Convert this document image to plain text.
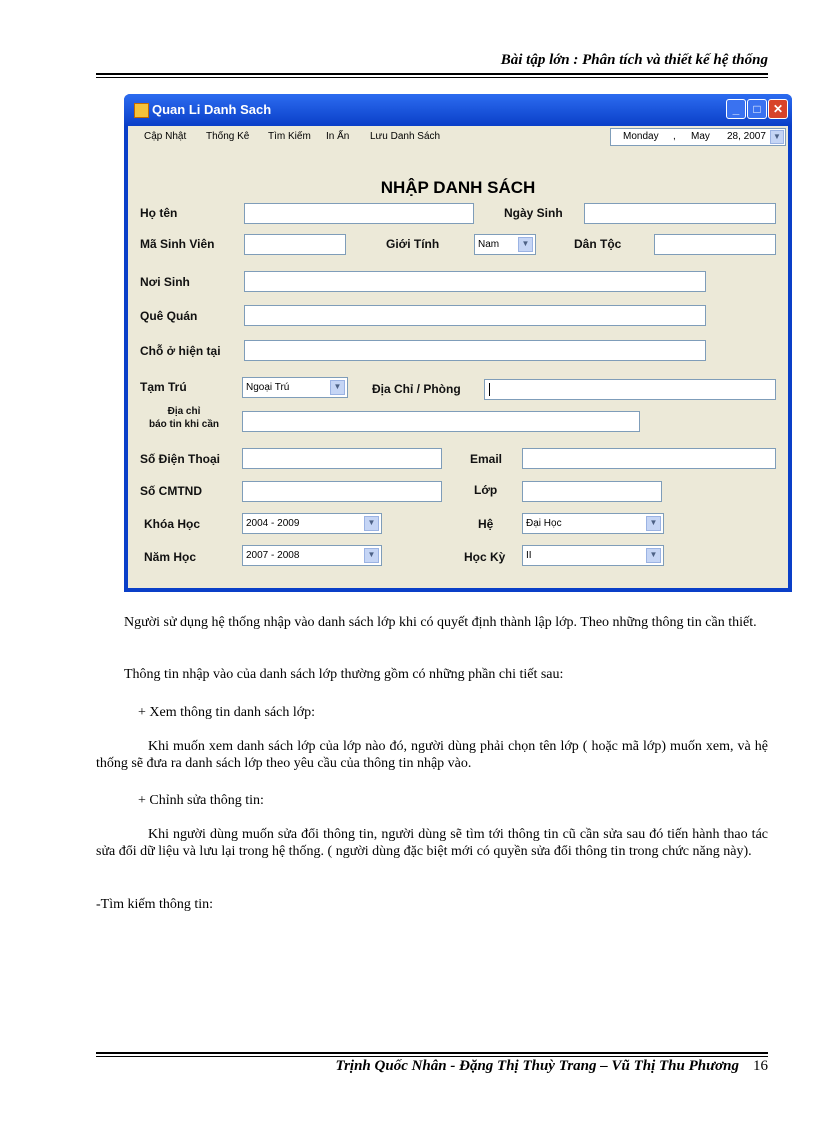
Bài tập lớn : Phân tích và thiết kế hệ thống
Quan Li Danh Sach	_	□	✕
Cập Nhật Thống Kê Tìm Kiếm In Ấn Lưu Danh Sách	Monday , May 28, 2007 ▼
NHẬP DANH SÁCH
Họ tên	Ngày Sinh
Mã Sinh Viên	Giới Tính	Nam	▼	Dân Tộc
Nơi Sinh
Quê Quán
Chỗ ở hiện tại
Tạm Trú	Ngoại Trú	▼	Địa Chỉ / Phòng
Địa chỉ
báo tin khi cần
Số Điện Thoại	Email
Số CMTND	Lớp
Khóa Học	2004 - 2009	▼	Hệ	Đại Học	▼
Năm Học	2007 - 2008	▼	Học Kỳ II	▼
Người sử dụng hệ thống nhập vào danh sách lớp khi có quyết định thành lập lớp. Theo những thông tin cần thiết.
Thông tin nhập vào của danh sách lớp thường gồm có những phần chi tiết sau:
+ Xem thông tin danh sách lớp:
Khi muốn xem danh sách lớp của lớp nào đó, người dùng phải chọn tên lớp ( hoặc mã lớp) muốn xem, và hệ thống sẽ đưa ra danh sách lớp theo yêu cầu của thông tin nhập vào.
+ Chỉnh sửa thông tin:
Khi người dùng muốn sửa đổi thông tin, người dùng sẽ tìm tới thông tin cũ cần sửa sau đó tiến hành thao tác sửa đổi dữ liệu và lưu lại trong hệ thống. ( người dùng đặc biệt mới có quyền sửa đổi thông tin trong chức năng này).
-Tìm kiếm thông tin:
Trịnh Quốc Nhân - Đặng Thị Thuỳ Trang – Vũ Thị Thu Phương 16
